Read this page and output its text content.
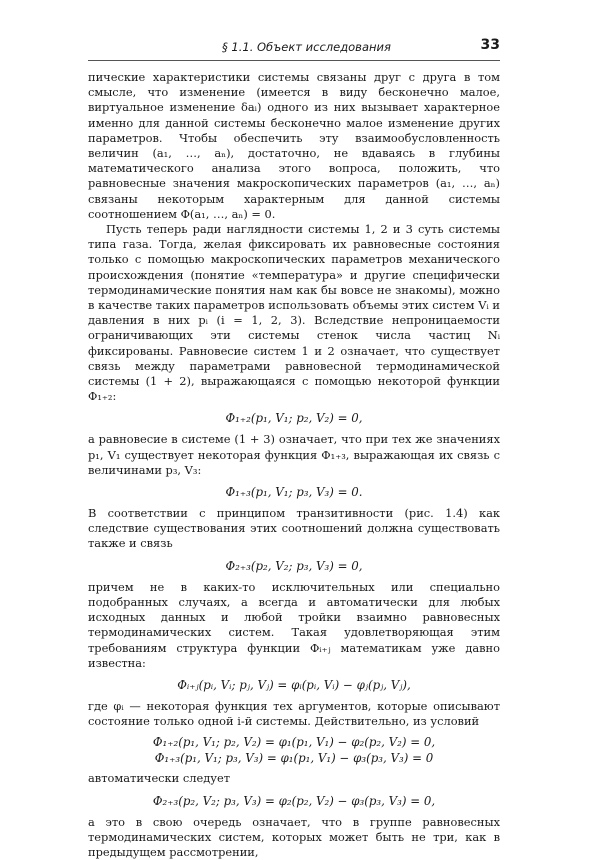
§ 1.1. Объект исследования	33

пические характеристики системы связаны друг с друга в том смысле, что изменение (имеется в виду бесконечно малое, виртуальное изменение δaᵢ) одного из них вызывает характерное именно для данной системы бесконечно малое изменение других параметров. Чтобы обеспечить эту взаимообусловленность величин (a₁, …, aₙ), достаточно, не вдаваясь в глубины математического анализа этого вопроса, положить, что равновесные значения макроскопических параметров (a₁, …, aₙ) связаны некоторым характерным для данной системы соотношением Φ(a₁, …, aₙ) = 0.

Пусть теперь ради наглядности системы 1, 2 и 3 суть системы типа газа. Тогда, желая фиксировать их равновесные состояния только с помощью макроскопических параметров механического происхождения (понятие «температура» и другие специфически термодинамические понятия нам как бы вовсе не знакомы), можно в качестве таких параметров использовать объемы этих систем Vᵢ и давления в них pᵢ (i = 1, 2, 3). Вследствие непроницаемости ограничивающих эти системы стенок числа частиц Nᵢ фиксированы. Равновесие систем 1 и 2 означает, что существует связь между параметрами равновесной термодинамической системы (1 + 2), выражающаяся с помощью некоторой функции Φ₁₊₂:

Φ₁₊₂(p₁, V₁; p₂, V₂) = 0,

а равновесие в системе (1 + 3) означает, что при тех же значениях p₁, V₁ существует некоторая функция Φ₁₊₃, выражающая их связь с величинами p₃, V₃:

Φ₁₊₃(p₁, V₁; p₃, V₃) = 0.

В соответствии с принципом транзитивности (рис. 1.4) как следствие существования этих соотношений должна существовать также и связь

Φ₂₊₃(p₂, V₂; p₃, V₃) = 0,

причем не в каких-то исключительных или специально подобранных случаях, а всегда и автоматически для любых исходных данных и любой тройки взаимно равновесных термодинамических систем. Такая удовлетворяющая этим требованиям структура функции Φᵢ₊ⱼ математикам уже давно известна:

Φᵢ₊ⱼ(pᵢ, Vᵢ; pⱼ, Vⱼ) = φᵢ(pᵢ, Vᵢ) − φⱼ(pⱼ, Vⱼ),

где φᵢ — некоторая функция тех аргументов, которые описывают состояние только одной i-й системы. Действительно, из условий

Φ₁₊₂(p₁, V₁; p₂, V₂) = φ₁(p₁, V₁) − φ₂(p₂, V₂) = 0,
Φ₁₊₃(p₁, V₁; p₃, V₃) = φ₁(p₁, V₁) − φ₃(p₃, V₃) = 0

автоматически следует

Φ₂₊₃(p₂, V₂; p₃, V₃) = φ₂(p₂, V₂) − φ₃(p₃, V₃) = 0,

а это в свою очередь означает, что в группе равновесных термодинамических систем, которых может быть не три, как в предыдущем рассмотрении,
